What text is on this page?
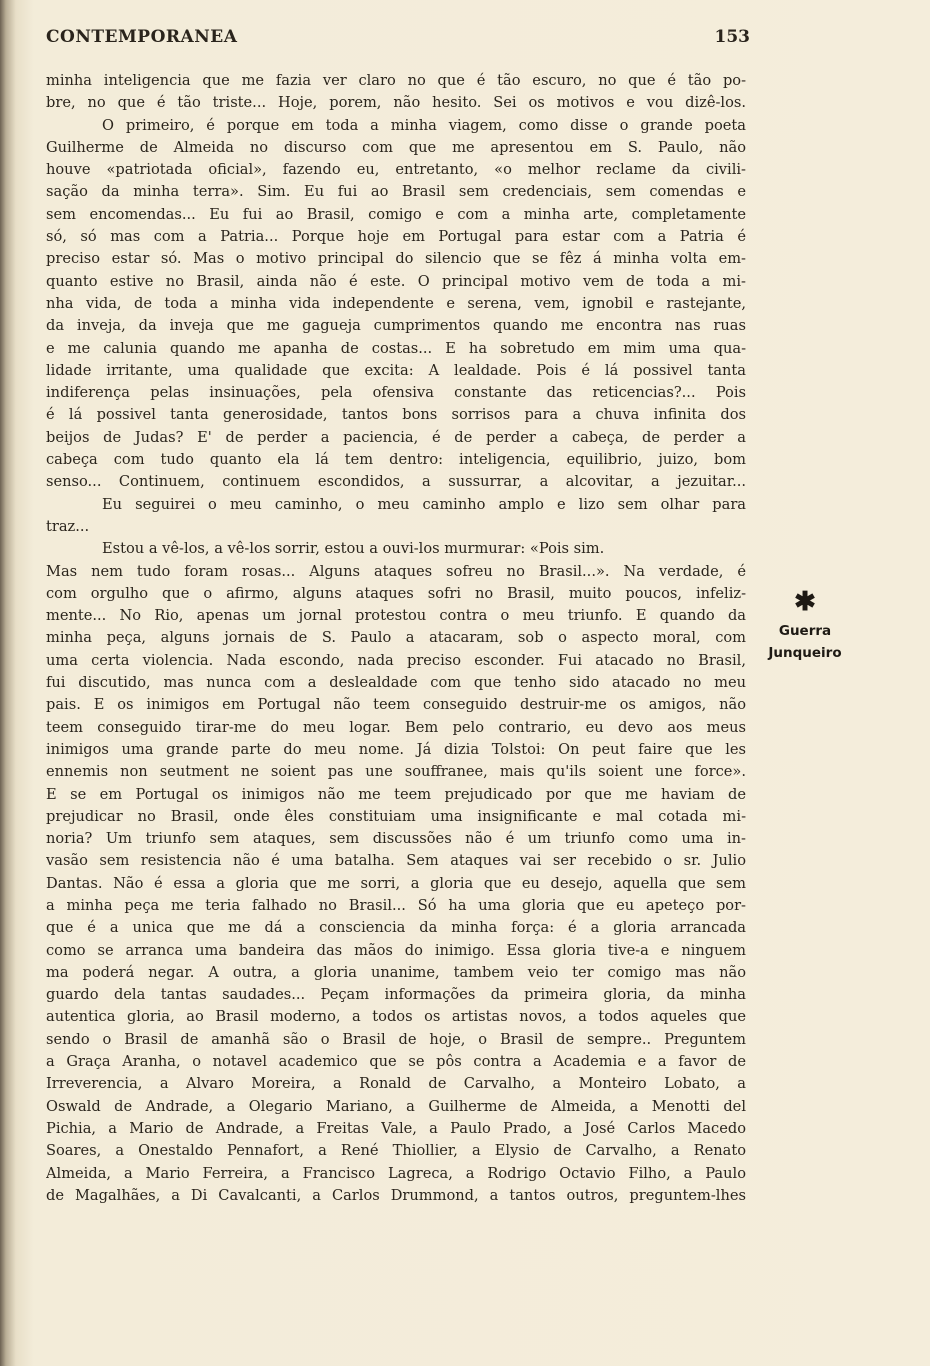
CONTEMPORANEA	153
minha inteligencia que me fazia ver claro no que é tão escuro, no que é tão po-
bre, no que é tão triste... Hoje, porem, não hesito. Sei os motivos e vou dizê-los.
O primeiro, é porque em toda a minha viagem, como disse o grande poeta
Guilherme de Almeida no discurso com que me apresentou em S. Paulo, não
houve «patriotada oficial», fazendo eu, entretanto, «o melhor reclame da civili-
sação da minha terra». Sim. Eu fui ao Brasil sem credenciais, sem comendas e
sem encomendas... Eu fui ao Brasil, comigo e com a minha arte, completamente
só, só mas com a Patria... Porque hoje em Portugal para estar com a Patria é
preciso estar só. Mas o motivo principal do silencio que se fêz á minha volta em-
quanto estive no Brasil, ainda não é este. O principal motivo vem de toda a mi-
nha vida, de toda a minha vida independente e serena, vem, ignobil e rastejante,
da inveja, da inveja que me gagueja cumprimentos quando me encontra nas ruas
e me calunia quando me apanha de costas... E ha sobretudo em mim uma qua-
lidade irritante, uma qualidade que excita: A lealdade. Pois é lá possivel tanta
indiferença pelas insinuações, pela ofensiva constante das reticencias?... Pois
é lá possivel tanta generosidade, tantos bons sorrisos para a chuva infinita dos
beijos de Judas? E' de perder a paciencia, é de perder a cabeça, de perder a
cabeça com tudo quanto ela lá tem dentro: inteligencia, equilibrio, juizo, bom
senso... Continuem, continuem escondidos, a sussurrar, a alcovitar, a jezuitar...
Eu seguirei o meu caminho, o meu caminho amplo e lizo sem olhar para
traz...
Estou a vê-los, a vê-los sorrir, estou a ouvi-los murmurar: «Pois sim.
Mas nem tudo foram rosas... Alguns ataques sofreu no Brasil...». Na verdade, é
com orgulho que o afirmo, alguns ataques sofri no Brasil, muito poucos, infeliz-
mente... No Rio, apenas um jornal protestou contra o meu triunfo. E quando da
minha peça, alguns jornais de S. Paulo a atacaram, sob o aspecto moral, com
uma certa violencia. Nada escondo, nada preciso esconder. Fui atacado no Brasil,
fui discutido, mas nunca com a deslealdade com que tenho sido atacado no meu
pais. E os inimigos em Portugal não teem conseguido destruir-me os amigos, não
teem conseguido tirar-me do meu logar. Bem pelo contrario, eu devo aos meus
inimigos uma grande parte do meu nome. Já dizia Tolstoi: On peut faire que les
ennemis non seutment ne soient pas une souffranee, mais qu'ils soient une force».
E se em Portugal os inimigos não me teem prejudicado por que me haviam de
prejudicar no Brasil, onde êles constituiam uma insignificante e mal cotada mi-
noria? Um triunfo sem ataques, sem discussões não é um triunfo como uma in-
vasão sem resistencia não é uma batalha. Sem ataques vai ser recebido o sr. Julio
Dantas. Não é essa a gloria que me sorri, a gloria que eu desejo, aquella que sem
a minha peça me teria falhado no Brasil... Só ha uma gloria que eu apeteço por-
que é a unica que me dá a consciencia da minha força: é a gloria arrancada
como se arranca uma bandeira das mãos do inimigo. Essa gloria tive-a e ninguem
ma poderá negar. A outra, a gloria unanime, tambem veio ter comigo mas não
guardo dela tantas saudades... Peçam informações da primeira gloria, da minha
autentica gloria, ao Brasil moderno, a todos os artistas novos, a todos aqueles que
sendo o Brasil de amanhã são o Brasil de hoje, o Brasil de sempre.. Preguntem
a Graça Aranha, o notavel academico que se pôs contra a Academia e a favor de
Irreverencia, a Alvaro Moreira, a Ronald de Carvalho, a Monteiro Lobato, a
Oswald de Andrade, a Olegario Mariano, a Guilherme de Almeida, a Menotti del
Pichia, a Mario de Andrade, a Freitas Vale, a Paulo Prado, a José Carlos Macedo
Soares, a Onestaldo Pennafort, a René Thiollier, a Elysio de Carvalho, a Renato
Almeida, a Mario Ferreira, a Francisco Lagreca, a Rodrigo Octavio Filho, a Paulo
de Magalhães, a Di Cavalcanti, a Carlos Drummond, a tantos outros, preguntem-lhes
✱
Guerra
Junqueiro
